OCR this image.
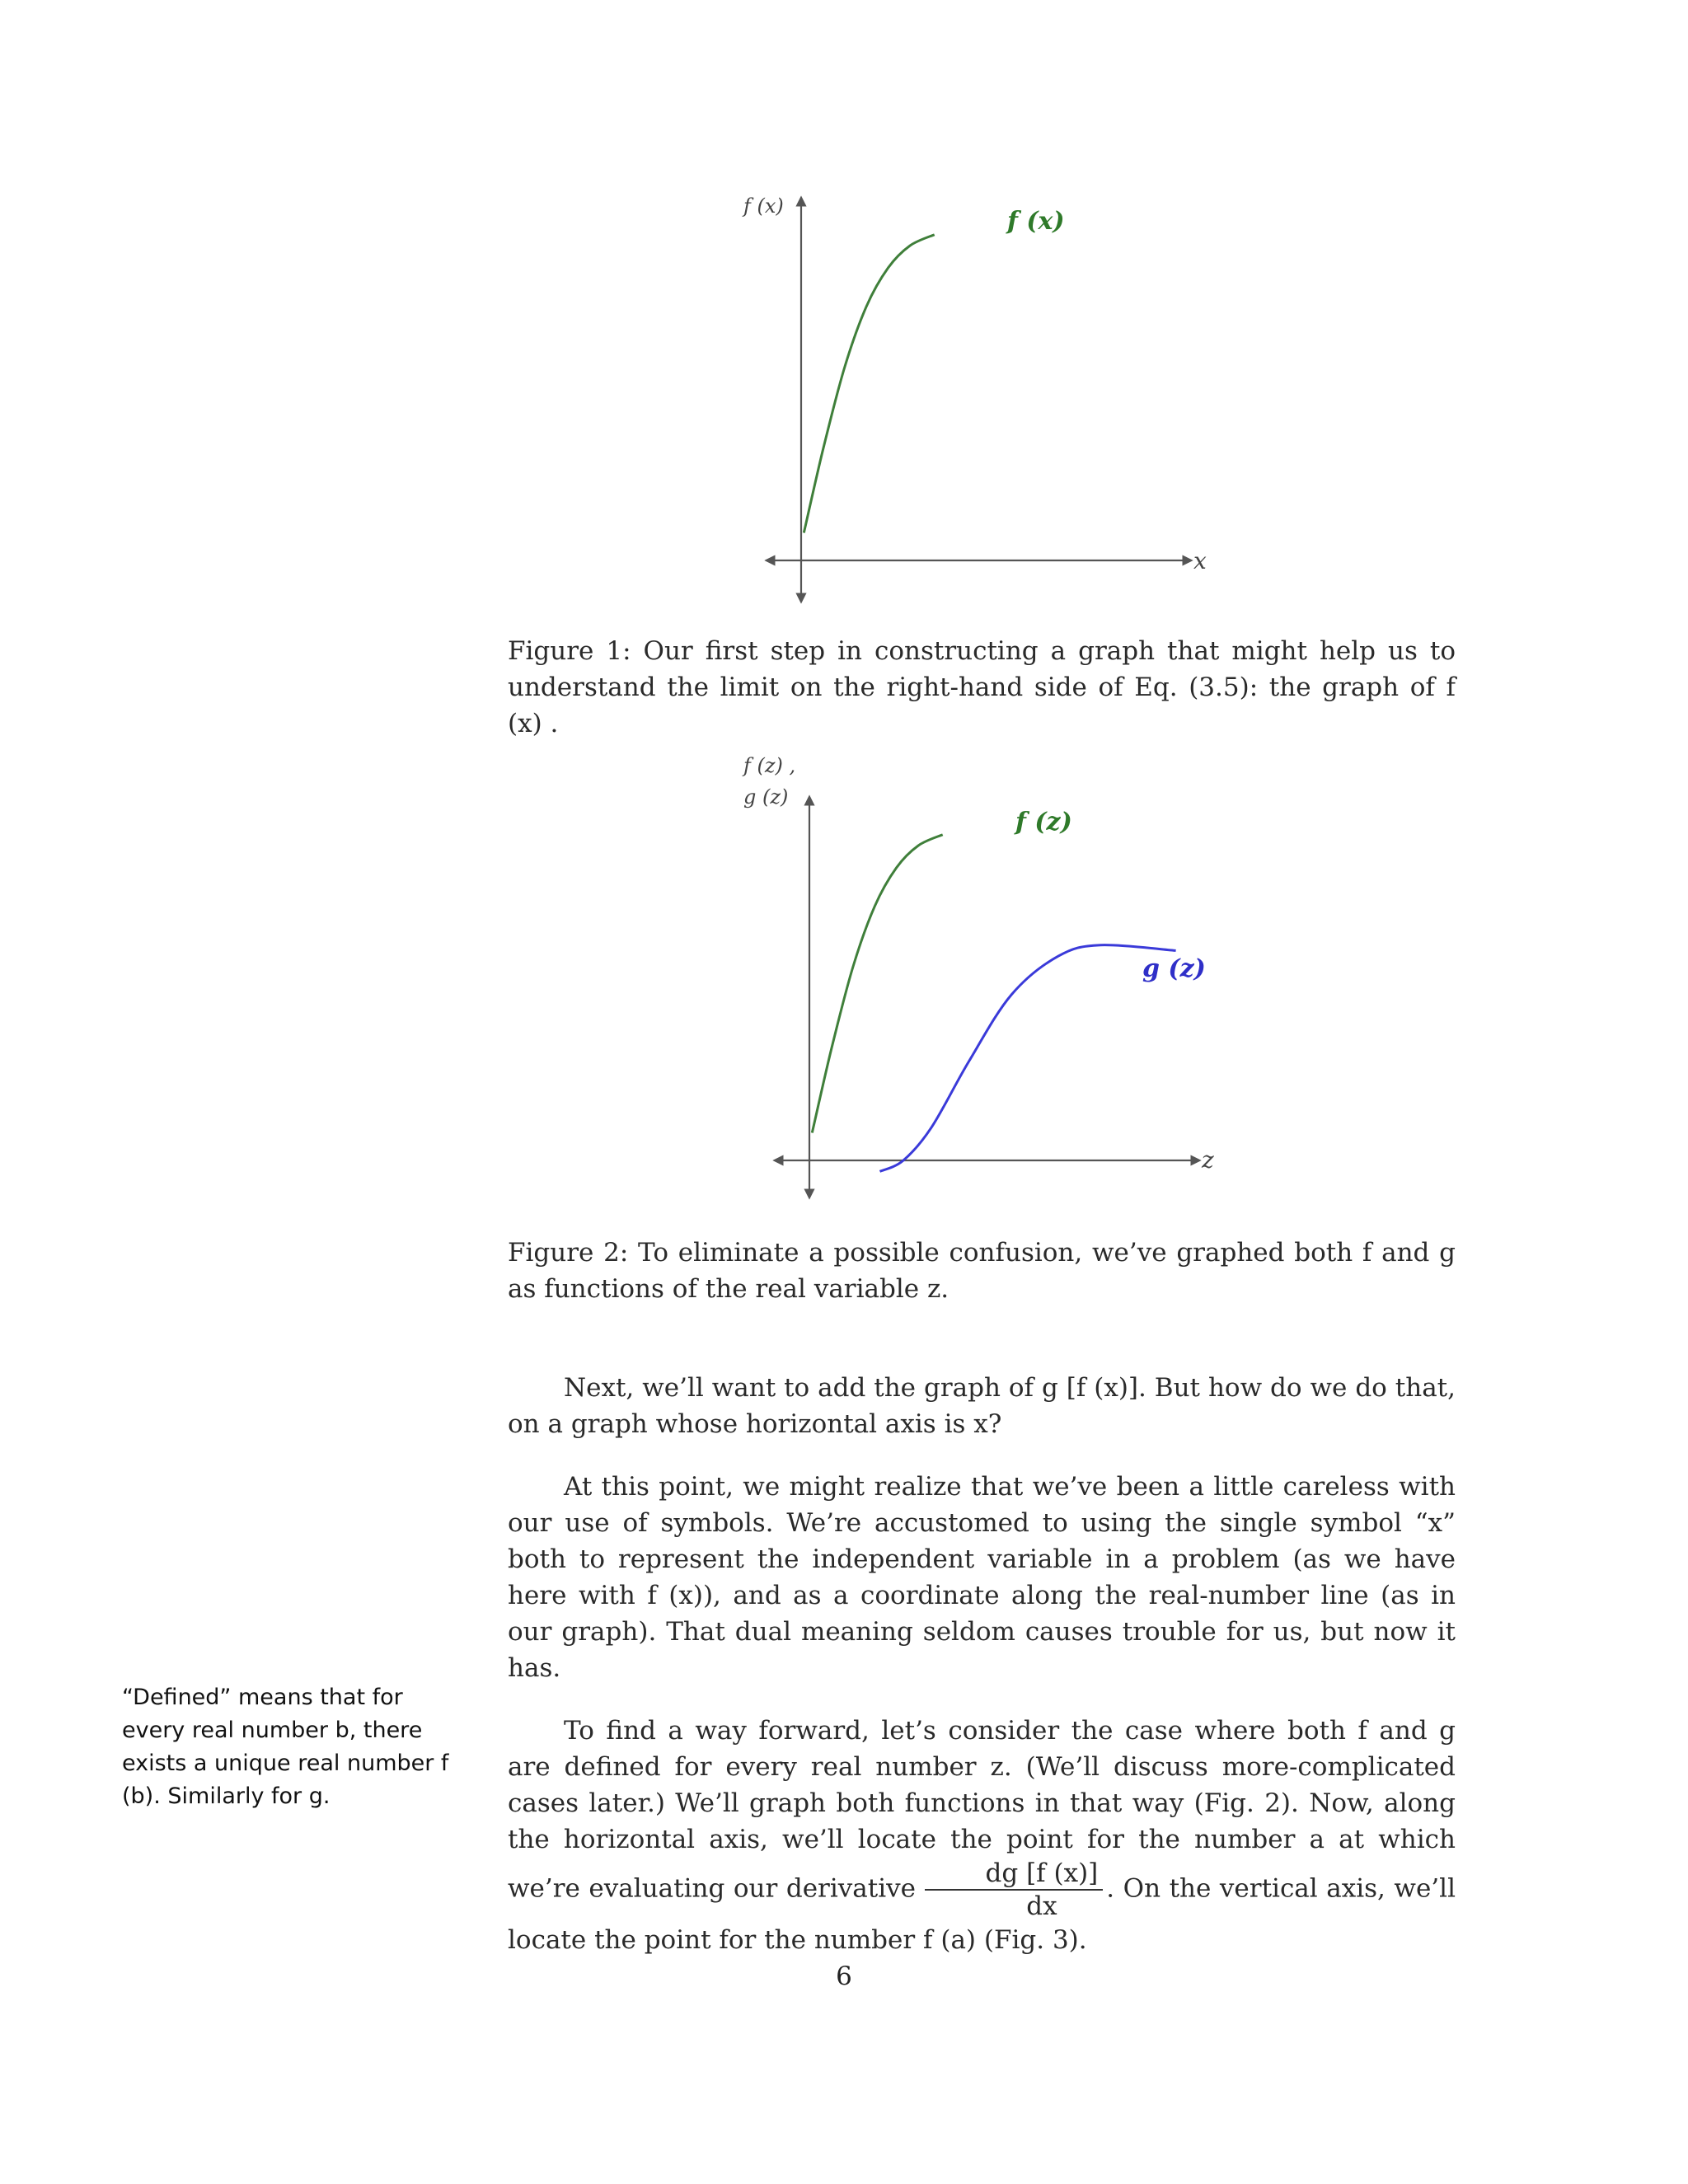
f (x)
x
f (x)
Figure 1: Our first step in constructing a graph that might help us to understand the limit on the right-hand side of Eq. (3.5): the graph of f (x) .
f (z) ,
g (z)
z
f (z)
g (z)
Figure 2: To eliminate a possible confusion, we’ve graphed both f and g as functions of the real variable z.

Next, we’ll want to add the graph of g [f (x)]. But how do we do that, on a graph whose horizontal axis is x?

At this point, we might realize that we’ve been a little careless with our use of symbols. We’re accustomed to using the single symbol “x” both to represent the independent variable in a problem (as we have here with f (x)), and as a coordinate along the real-number line (as in our graph). That dual meaning seldom causes trouble for us, but now it has.

To find a way forward, let’s consider the case where both f and g are defined for every real number z. (We’ll discuss more-complicated cases later.) We’ll graph both functions in that way (Fig. 2). Now, along the horizontal axis, we’ll locate the point for the number a at which we’re evaluating our derivative $\frac{dg [f (x)]}{dx}$ . On the vertical axis, we’ll locate the point for the number f (a) (Fig. 3).

“Defined” means that for every real number b, there exists a unique real number f (b). Similarly for g.
6
